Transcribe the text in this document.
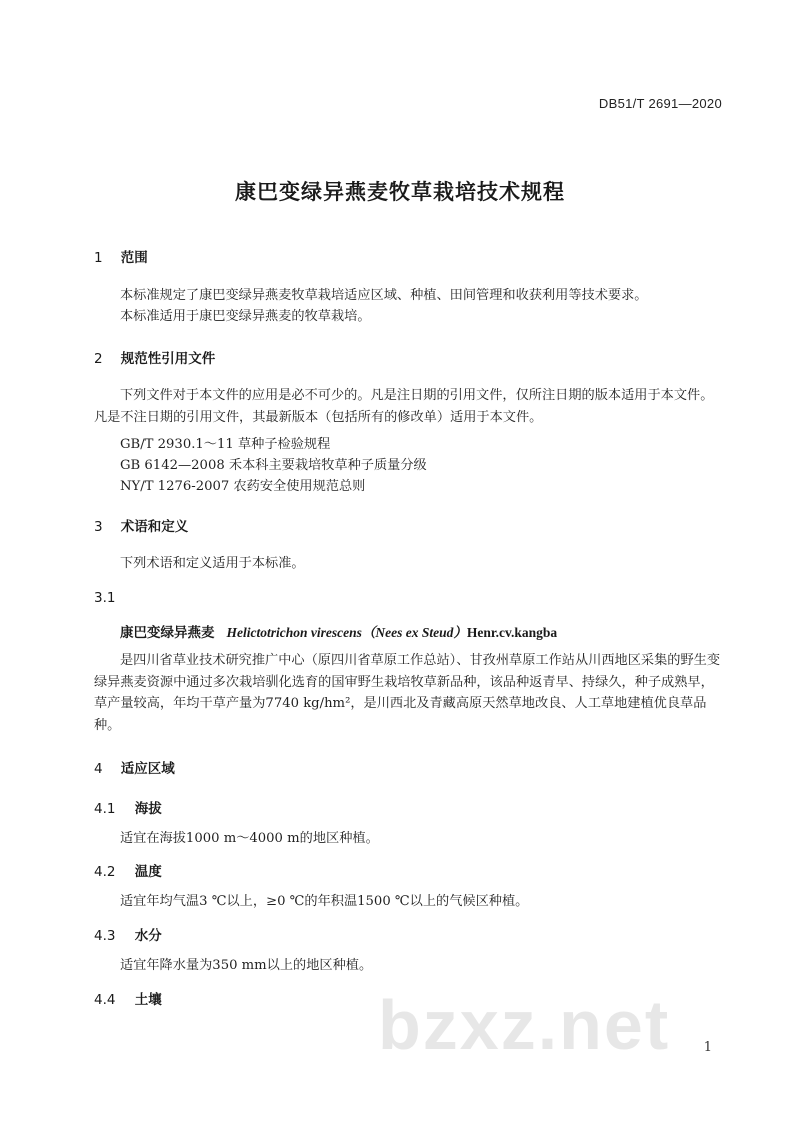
DB51/T 2691—2020
康巴变绿异燕麦牧草栽培技术规程
1 范围
本标准规定了康巴变绿异燕麦牧草栽培适应区域、种植、田间管理和收获利用等技术要求。
本标准适用于康巴变绿异燕麦的牧草栽培。
2 规范性引用文件
下列文件对于本文件的应用是必不可少的。凡是注日期的引用文件，仅所注日期的版本适用于本文件。凡是不注日期的引用文件，其最新版本（包括所有的修改单）适用于本文件。
GB/T 2930.1～11 草种子检验规程
GB 6142—2008 禾本科主要栽培牧草种子质量分级
NY/T 1276-2007 农药安全使用规范总则
3 术语和定义
下列术语和定义适用于本标准。
3.1
康巴变绿异燕麦 Helictotrichon virescens（Nees ex Steud）Henr.cv.kangba
是四川省草业技术研究推广中心（原四川省草原工作总站）、甘孜州草原工作站从川西地区采集的野生变绿异燕麦资源中通过多次栽培驯化选育的国审野生栽培牧草新品种，该品种返青早、持绿久，种子成熟早，草产量较高，年均干草产量为7740 kg/hm²，是川西北及青藏高原天然草地改良、人工草地建植优良草品种。
4 适应区域
4.1 海拔
适宜在海拔1000 m～4000 m的地区种植。
4.2 温度
适宜年均气温3 ℃以上，≥0 ℃的年积温1500 ℃以上的气候区种植。
4.3 水分
适宜年降水量为350 mm以上的地区种植。
4.4 土壤	bzxz.net	1
